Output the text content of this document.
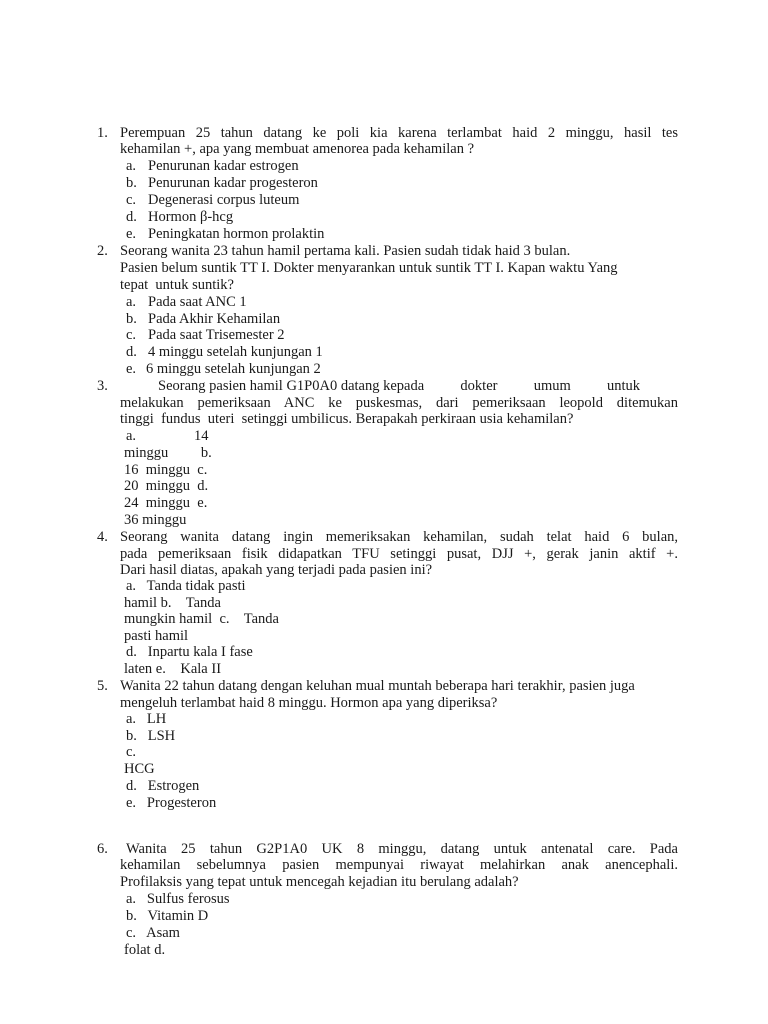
1. Perempuan 25 tahun datang ke poli kia karena terlambat haid 2 minggu, hasil tes
kehamilan +, apa yang membuat amenorea pada kehamilan ?
a. Penurunan kadar estrogen
b. Penurunan kadar progesteron
c. Degenerasi corpus luteum
d. Hormon β-hcg
e. Peningkatan hormon prolaktin
2. Seorang wanita 23 tahun hamil pertama kali. Pasien sudah tidak haid 3 bulan.
Pasien belum suntik TT I. Dokter menyarankan untuk suntik TT I. Kapan waktu Yang
tepat  untuk suntik?
a. Pada saat ANC 1
b. Pada Akhir Kehamilan
c. Pada saat Trisemester 2
d. 4 minggu setelah kunjungan 1
e. 6 minggu setelah kunjungan 2
3.	Seorang pasien hamil G1P0A0 datang kepada          dokter          umum          untuk
melakukan pemeriksaan ANC ke puskesmas, dari pemeriksaan leopold ditemukan
tinggi  fundus  uteri  setinggi umbilicus. Berapakah perkiraan usia kehamilan?
a.                14
minggu         b.
16  minggu  c.
20  minggu  d.
24  minggu  e.
36 minggu
4. Seorang wanita datang ingin memeriksakan kehamilan, sudah telat haid 6 bulan,
pada pemeriksaan fisik didapatkan TFU setinggi pusat, DJJ +, gerak janin aktif +.
Dari hasil diatas, apakah yang terjadi pada pasien ini?
a.   Tanda tidak pasti
hamil b.    Tanda
mungkin hamil  c.    Tanda
pasti hamil
d.   Inpartu kala I fase
laten e.    Kala II
5. Wanita 22 tahun datang dengan keluhan mual muntah beberapa hari terakhir, pasien juga
mengeluh terlambat haid 8 minggu. Hormon apa yang diperiksa?
a.   LH
b.   LSH
c.
HCG
d.   Estrogen
e.   Progesteron
6. Wanita 25 tahun G2P1A0 UK 8 minggu, datang untuk antenatal care. Pada
kehamilan sebelumnya pasien mempunyai riwayat melahirkan anak anencephali.
Profilaksis yang tepat untuk mencegah kejadian itu berulang adalah?
a.   Sulfus ferosus
b.   Vitamin D
c.   Asam
folat d.
